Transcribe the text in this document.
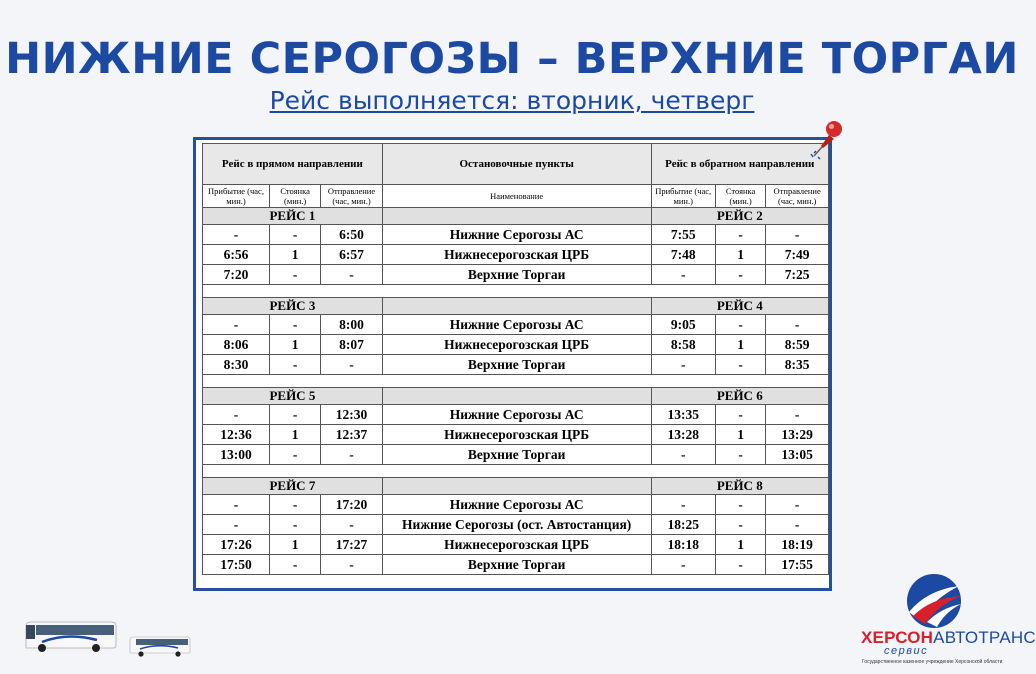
НИЖНИЕ СЕРОГОЗЫ – ВЕРХНИЕ ТОРГАИ
Рейс выполняется: вторник, четверг
Рейс в прямом направлении			Остановочные пункты	Рейс в обратном направлении		
Прибытие (час, мин.)	Стоянка (мин.)	Отправление (час, мин.)	Наименование	Прибытие (час, мин.)	Стоянка (мин.)	Отправление (час, мин.)
РЕЙС 1				РЕЙС 2		
-	-	6:50	Нижние Серогозы АС	7:55	-	-
6:56	1	6:57	Нижнесерогозская ЦРБ	7:48	1	7:49
7:20	-	-	Верхние Торгаи	-	-	7:25

РЕЙС 3				РЕЙС 4		
-	-	8:00	Нижние Серогозы АС	9:05	-	-
8:06	1	8:07	Нижнесерогозская ЦРБ	8:58	1	8:59
8:30	-	-	Верхние Торгаи	-	-	8:35

РЕЙС 5				РЕЙС 6		
-	-	12:30	Нижние Серогозы АС	13:35	-	-
12:36	1	12:37	Нижнесерогозская ЦРБ	13:28	1	13:29
13:00	-	-	Верхние Торгаи	-	-	13:05

РЕЙС 7				РЕЙС 8		
-	-	17:20	Нижние Серогозы АС	-	-	-
-	-	-	Нижние Серогозы (ост. Автостанция)	18:25	-	-
17:26	1	17:27	Нижнесерогозская ЦРБ	18:18	1	18:19
17:50	-	-	Верхние Торгаи	-	-	17:55
ХЕРСОНАВТОТРАНС
сервис
Государственное казенное учреждение Херсонской области
